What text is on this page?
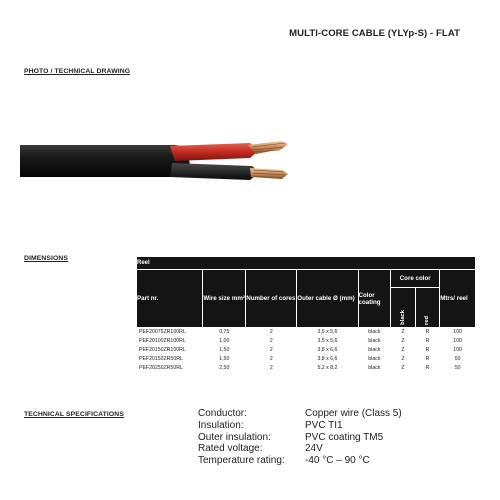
MULTI-CORE CABLE (YLYp-S) - FLAT
PHOTO / TECHNICAL DRAWING
DIMENSIONS
Reel							
Part nr.	Wire size mm²	Number of cores	Outer cable Ø (mm)	Color coating	Core color		Mtrs/ reel
					black	red	
PEF20075ZR100RL	0,75	2	3,5 x 5,6	black	Z	R	100
PEF20100ZR100RL	1,00	2	3,5 x 5,6	black	Z	R	100
PEF20150ZR100RL	1,50	2	3,8 x 6,6	black	Z	R	100
PEF20150ZR50RL	1,50	2	3,8 x 6,6	black	Z	R	50
PEF20250ZR50RL	2,50	2	5,2 x 8,2	black	Z	R	50
TECHNICAL SPECIFICATIONS	Conductor:	Copper wire (Class 5)
Insulation:	PVC TI1
Outer insulation:	PVC coating TM5
Rated voltage:	24V
Temperature rating:	-40 °C – 90 °C
